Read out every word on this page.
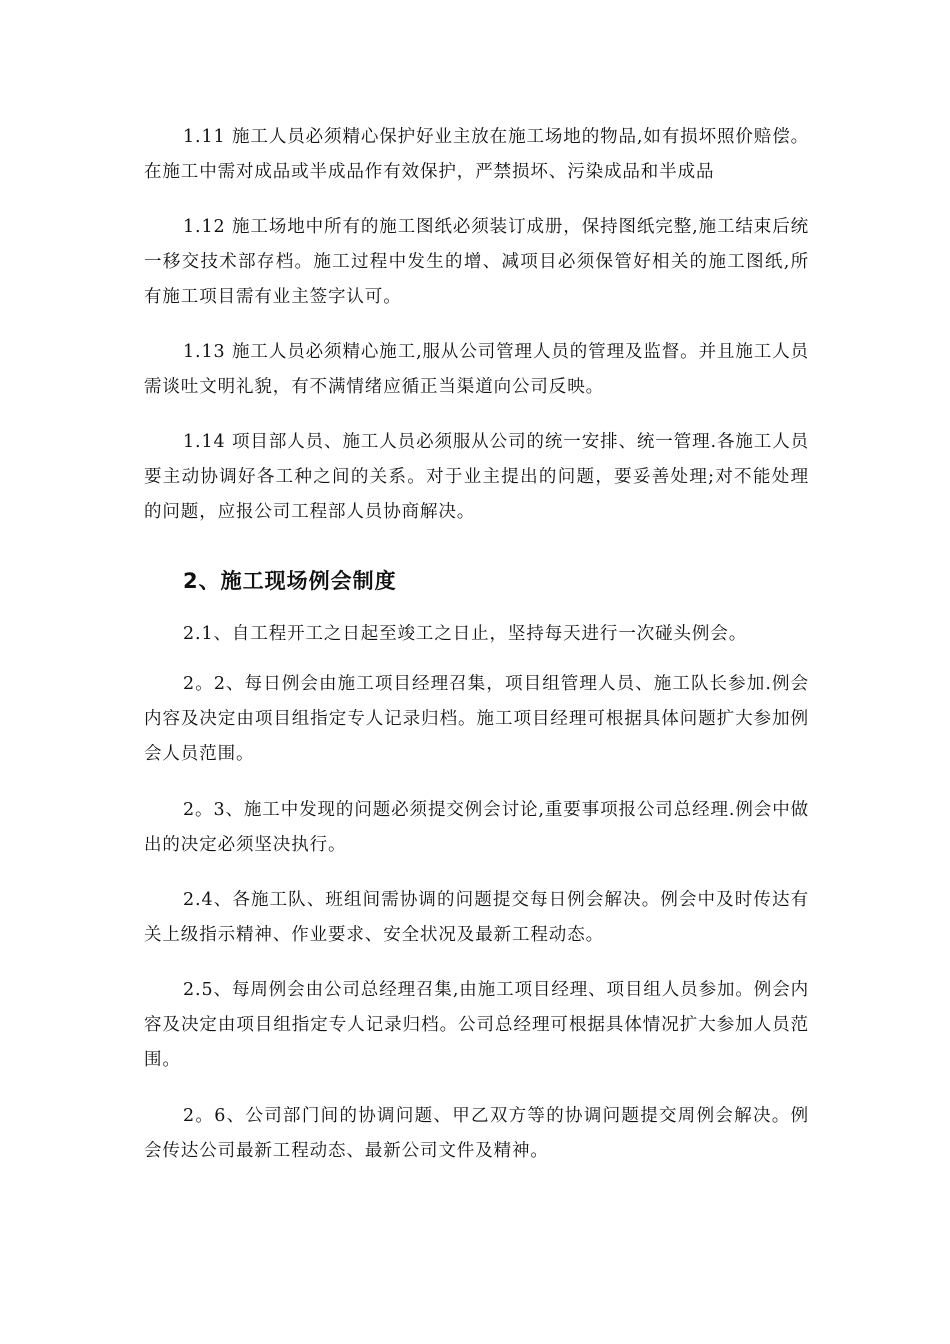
1.11 施工人员必须精心保护好业主放在施工场地的物品,如有损坏照价赔偿。在施工中需对成品或半成品作有效保护，严禁损坏、污染成品和半成品

1.12 施工场地中所有的施工图纸必须装订成册，保持图纸完整,施工结束后统一移交技术部存档。施工过程中发生的增、减项目必须保管好相关的施工图纸,所有施工项目需有业主签字认可。

1.13 施工人员必须精心施工,服从公司管理人员的管理及监督。并且施工人员需谈吐文明礼貌，有不满情绪应循正当渠道向公司反映。

1.14 项目部人员、施工人员必须服从公司的统一安排、统一管理.各施工人员要主动协调好各工种之间的关系。对于业主提出的问题，要妥善处理;对不能处理的问题，应报公司工程部人员协商解决。

2、施工现场例会制度

2.1、自工程开工之日起至竣工之日止，坚持每天进行一次碰头例会。

2。2、每日例会由施工项目经理召集，项目组管理人员、施工队长参加.例会内容及决定由项目组指定专人记录归档。施工项目经理可根据具体问题扩大参加例会人员范围。

2。3、施工中发现的问题必须提交例会讨论,重要事项报公司总经理.例会中做出的决定必须坚决执行。

2.4、各施工队、班组间需协调的问题提交每日例会解决。例会中及时传达有关上级指示精神、作业要求、安全状况及最新工程动态。

2.5、每周例会由公司总经理召集,由施工项目经理、项目组人员参加。例会内容及决定由项目组指定专人记录归档。公司总经理可根据具体情况扩大参加人员范围。

2。6、公司部门间的协调问题、甲乙双方等的协调问题提交周例会解决。例会传达公司最新工程动态、最新公司文件及精神。
